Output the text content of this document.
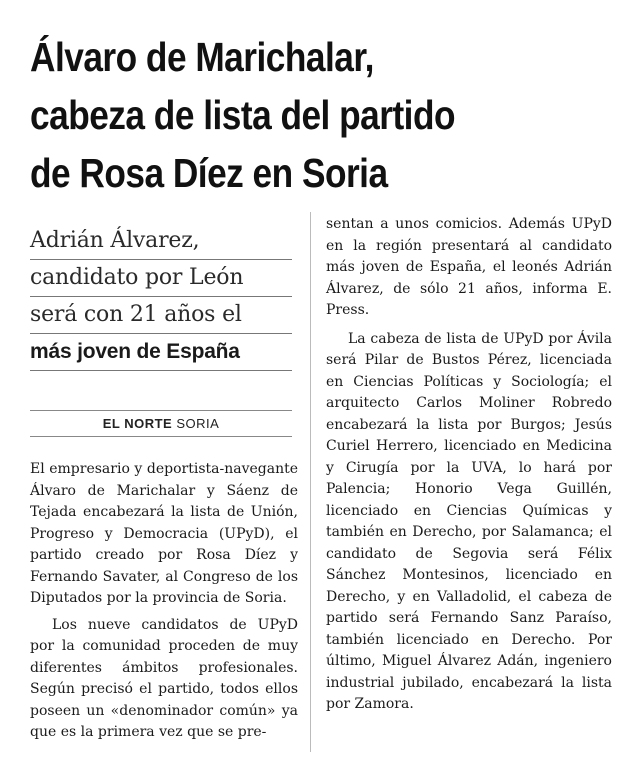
Álvaro de Marichalar,
cabeza de lista del partido
de Rosa Díez en Soria
Adrián Álvarez,
candidato por León
será con 21 años el
más joven de España
EL NORTE SORIA

El empresario y deportista-navegante Álvaro de Marichalar y Sáenz de Tejada encabezará la lista de Unión, Progreso y Democracia (UPyD), el partido creado por Rosa Díez y Fernando Savater, al Congreso de los Diputados por la provincia de Soria.

Los nueve candidatos de UPyD por la comunidad proceden de muy diferentes ámbitos profesionales. Según precisó el partido, todos ellos poseen un «denominador común» ya que es la primera vez que se pre-

sentan a unos comicios. Además UPyD en la región presentará al candidato más joven de España, el leonés Adrián Álvarez, de sólo 21 años, informa E. Press.

La cabeza de lista de UPyD por Ávila será Pilar de Bustos Pérez, licenciada en Ciencias Políticas y Sociología; el arquitecto Carlos Moliner Robredo encabezará la lista por Burgos; Jesús Curiel Herrero, licenciado en Medicina y Cirugía por la UVA, lo hará por Palencia; Honorio Vega Guillén, licenciado en Ciencias Químicas y también en Derecho, por Salamanca; el candidato de Segovia será Félix Sánchez Montesinos, licenciado en Derecho, y en Valladolid, el cabeza de partido será Fernando Sanz Paraíso, también licenciado en Derecho. Por último, Miguel Álvarez Adán, ingeniero industrial jubilado, encabezará la lista por Zamora.
